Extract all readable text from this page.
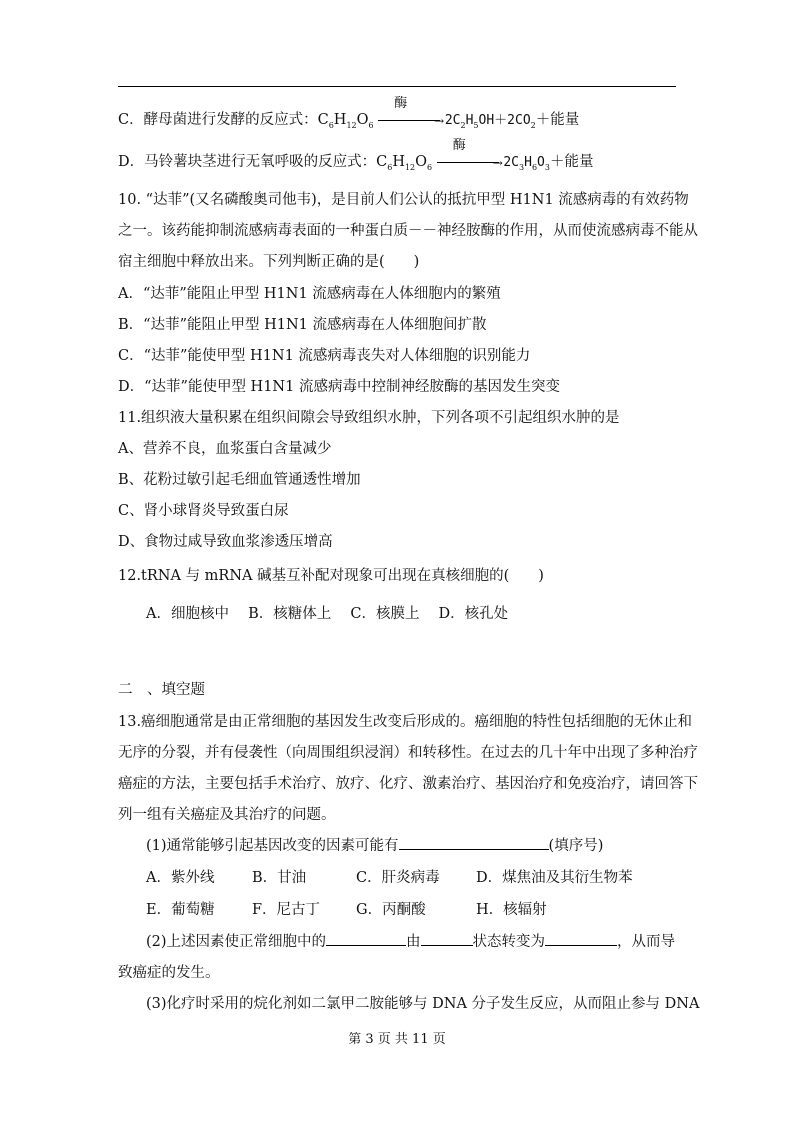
C．酵母菌进行发酵的反应式：$C_6H_{12}O_6$
酶
→ $2C_2H_5OH+2CO_2+$能量
D．马铃薯块茎进行无氧呼吸的反应式：$C_6H_{12}O_6$
酶
→ $2C_3H_6O_3+$能量
10. “达菲”(又名磷酸奥司他韦)，是目前人们公认的抵抗甲型 H1N1 流感病毒的有效药物
之一。该药能抑制流感病毒表面的一种蛋白质－－神经胺酶的作用，从而使流感病毒不能从
宿主细胞中释放出来。下列判断正确的是(　　)
A．“达菲”能阻止甲型 H1N1 流感病毒在人体细胞内的繁殖
B．“达菲”能阻止甲型 H1N1 流感病毒在人体细胞间扩散
C．“达菲”能使甲型 H1N1 流感病毒丧失对人体细胞的识别能力
D．“达菲”能使甲型 H1N1 流感病毒中控制神经胺酶的基因发生突变
11.组织液大量积累在组织间隙会导致组织水肿，下列各项不引起组织水肿的是
A、营养不良，血浆蛋白含量减少
B、花粉过敏引起毛细血管通透性增加
C、肾小球肾炎导致蛋白尿
D、食物过咸导致血浆渗透压增高
12.tRNA 与 mRNA 碱基互补配对现象可出现在真核细胞的(　　)
A．细胞核中　 B．核糖体上　 C．核膜上　 D．核孔处
二　、填空题
13.癌细胞通常是由正常细胞的基因发生改变后形成的。癌细胞的特性包括细胞的无休止和
无序的分裂，并有侵袭性（向周围组织浸润）和转移性。在过去的几十年中出现了多种治疗
癌症的方法，主要包括手术治疗、放疗、化疗、激素治疗、基因治疗和免疫治疗，请回答下
列一组有关癌症及其治疗的问题。
(1)通常能够引起基因改变的因素可能有	(填序号)
A．紫外线	B．甘油	C．肝炎病毒	D．煤焦油及其衍生物苯
E．葡萄糖	F．尼古丁 G．丙酮酸	H．核辐射
(2)上述因素使正常细胞中的	由	状态转变为	，从而导
致癌症的发生。
(3)化疗时采用的烷化剂如二氯甲二胺能够与 DNA 分子发生反应，从而阻止参与 DNA
第 3 页 共 11 页
